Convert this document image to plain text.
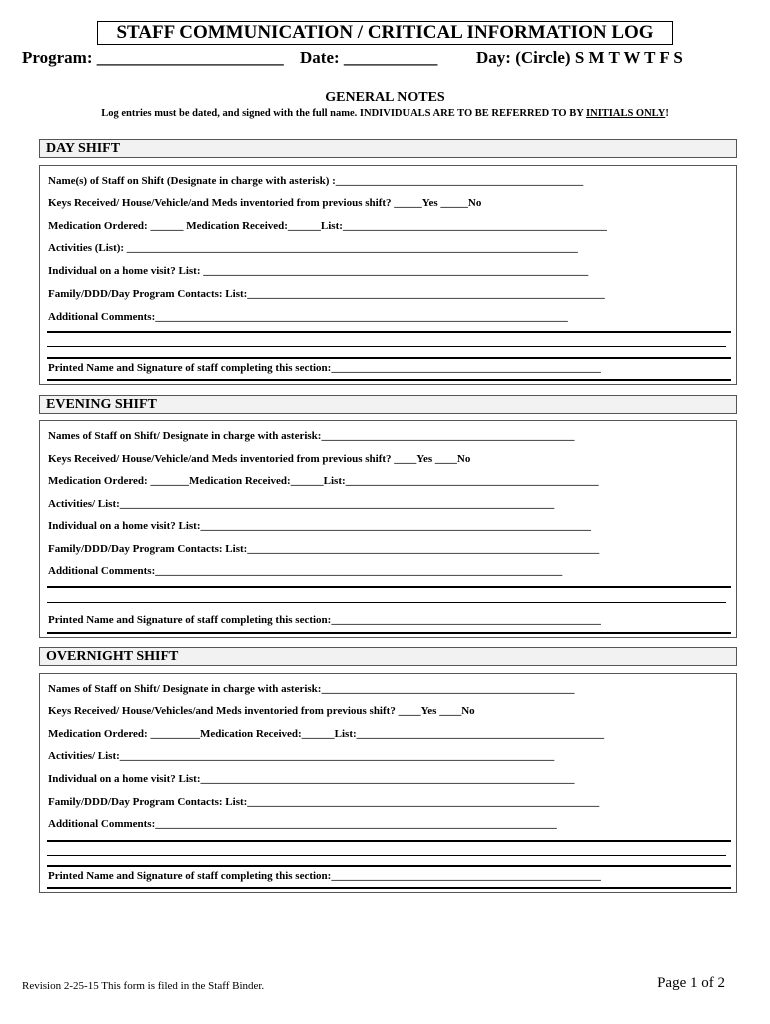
STAFF COMMUNICATION / CRITICAL INFORMATION LOG
Program: ______________________ Date: ___________ Day: (Circle) S M T W T F S
GENERAL NOTES
Log entries must be dated, and signed with the full name. INDIVIDUALS ARE TO BE REFERRED TO BY INITIALS ONLY!
DAY SHIFT
Name(s) of Staff on Shift (Designate in charge with asterisk) :_____________________________________________
Keys Received/ House/Vehicle/and Meds inventoried from previous shift? _____Yes _____No
Medication Ordered: ______ Medication Received:______List:________________________________________________
Activities (List): __________________________________________________________________________________
Individual on a home visit? List: ______________________________________________________________________
Family/DDD/Day Program Contacts: List:_________________________________________________________________
Additional Comments:___________________________________________________________________________
Printed Name and Signature of staff completing this section:_________________________________________________
EVENING SHIFT
Names of Staff on Shift/ Designate in charge with asterisk:______________________________________________
Keys Received/ House/Vehicle/and Meds inventoried from previous shift? ____Yes ____No
Medication Ordered: _______Medication Received:______List:______________________________________________
Activities/ List:_______________________________________________________________________________
Individual on a home visit? List:_______________________________________________________________________
Family/DDD/Day Program Contacts: List:________________________________________________________________
Additional Comments:__________________________________________________________________________
Printed Name and Signature of staff completing this section:_________________________________________________
OVERNIGHT SHIFT
Names of Staff on Shift/ Designate in charge with asterisk:______________________________________________
Keys Received/ House/Vehicles/and Meds inventoried from previous shift? ____Yes ____No
Medication Ordered: _________Medication Received:______List:_____________________________________________
Activities/ List:_______________________________________________________________________________
Individual on a home visit? List:____________________________________________________________________
Family/DDD/Day Program Contacts: List:________________________________________________________________
Additional Comments:_________________________________________________________________________
Printed Name and Signature of staff completing this section:_________________________________________________
Revision 2-25-15 This form is filed in the Staff Binder.	Page 1 of 2
